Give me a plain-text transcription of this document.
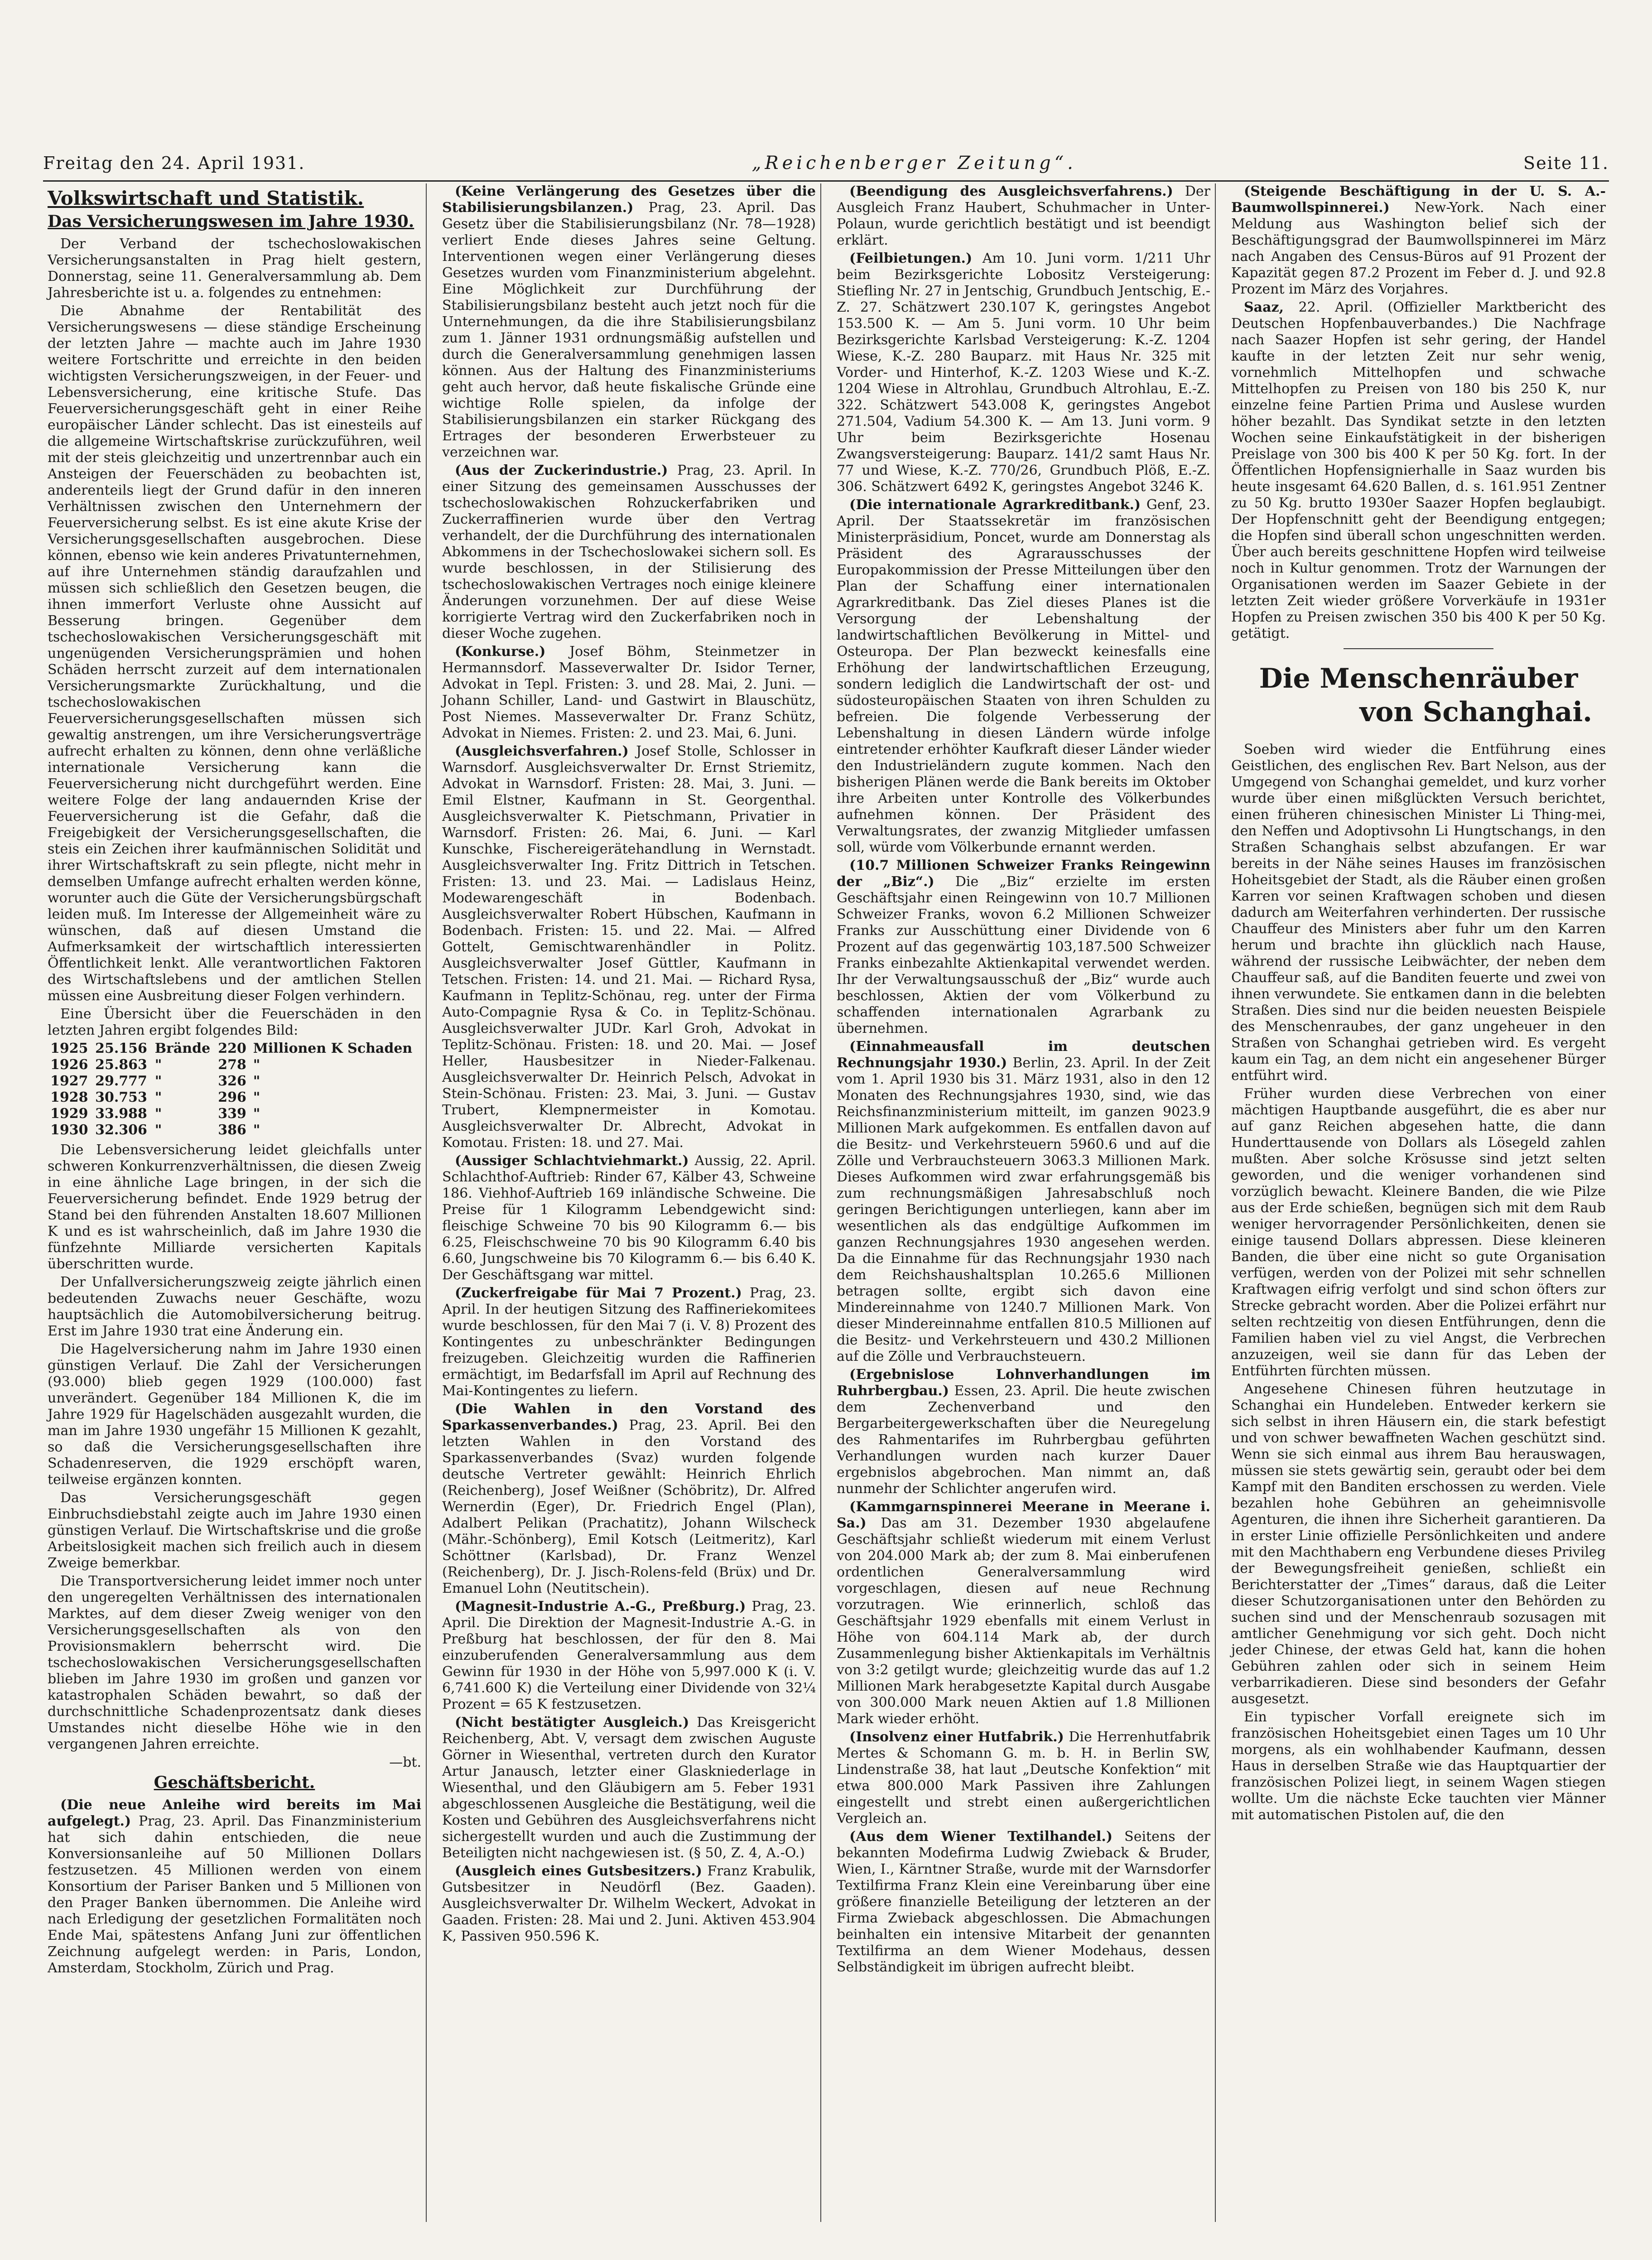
Freitag den 24. April 1931.	„Reichenberger Zeitung“.	Seite 11.
Volkswirtschaft und Statistik.
Das Versicherungswesen im Jahre 1930.

Der Verband der tschechoslowakischen Versicherungsanstalten in Prag hielt gestern, Donnerstag, seine 11. Generalversammlung ab. Dem Jahresberichte ist u. a. folgendes zu entnehmen:

Die Abnahme der Rentabilität des Versicherungswesens — diese ständige Erscheinung der letzten Jahre — machte auch im Jahre 1930 weitere Fortschritte und erreichte in den beiden wichtigsten Versicherungszweigen, in der Feuer- und Lebensversicherung, eine kritische Stufe. Das Feuerversicherungsgeschäft geht in einer Reihe europäischer Länder schlecht. Das ist einesteils auf die allgemeine Wirtschaftskrise zurückzuführen, weil mit der steis gleichzeitig und unzertrennbar auch ein Ansteigen der Feuerschäden zu beobachten ist, anderenteils liegt der Grund dafür in den inneren Verhältnissen zwischen den Unternehmern der Feuerversicherung selbst. Es ist eine akute Krise der Versicherungsgesellschaften ausgebrochen. Diese können, ebenso wie kein anderes Privatunternehmen, auf ihre Unternehmen ständig daraufzahlen und müssen sich schließlich den Gesetzen beugen, die ihnen immerfort Verluste ohne Aussicht auf Besserung bringen. Gegenüber dem tschechoslowakischen Versicherungsgeschäft mit ungenügenden Versicherungsprämien und hohen Schäden herrscht zurzeit auf dem internationalen Versicherungsmarkte Zurückhaltung, und die tschechoslowakischen Feuerversicherungsgesellschaften müssen sich gewaltig anstrengen, um ihre Versicherungsverträge aufrecht erhalten zu können, denn ohne verläßliche internationale Versicherung kann die Feuerversicherung nicht durchgeführt werden. Eine weitere Folge der lang andauernden Krise der Feuerversicherung ist die Gefahr, daß die Freigebigkeit der Versicherungsgesellschaften, die steis ein Zeichen ihrer kaufmännischen Solidität und ihrer Wirtschaftskraft zu sein pflegte, nicht mehr in demselben Umfange aufrecht erhalten werden könne, worunter auch die Güte der Versicherungsbürgschaft leiden muß. Im Interesse der Allgemeinheit wäre zu wünschen, daß auf diesen Umstand die Aufmerksamkeit der wirtschaftlich interessierten Öffentlichkeit lenkt. Alle verantwortlichen Faktoren des Wirtschaftslebens und der amtlichen Stellen müssen eine Ausbreitung dieser Folgen verhindern.

Eine Übersicht über die Feuerschäden in den letzten Jahren ergibt folgendes Bild:

1925	25.156	Brände	220	Millionen K Schaden
1926	25.863	"	278	"
1927	29.777	"	326	"
1928	30.753	"	296	"
1929	33.988	"	339	"
1930	32.306	"	386	"

Die Lebensversicherung leidet gleichfalls unter schweren Konkurrenzverhältnissen, die diesen Zweig in eine ähnliche Lage bringen, in der sich die Feuerversicherung befindet. Ende 1929 betrug der Stand bei den führenden Anstalten 18.607 Millionen K und es ist wahrscheinlich, daß im Jahre 1930 die fünfzehnte Milliarde versicherten Kapitals überschritten wurde.

Der Unfallversicherungszweig zeigte jährlich einen bedeutenden Zuwachs neuer Geschäfte, wozu hauptsächlich die Automobilversicherung beitrug. Erst im Jahre 1930 trat eine Änderung ein.

Die Hagelversicherung nahm im Jahre 1930 einen günstigen Verlauf. Die Zahl der Versicherungen (93.000) blieb gegen 1929 (100.000) fast unverändert. Gegenüber 184 Millionen K, die im Jahre 1929 für Hagelschäden ausgezahlt wurden, die man im Jahre 1930 ungefähr 15 Millionen K gezahlt, so daß die Versicherungsgesellschaften ihre Schadenreserven, die 1929 erschöpft waren, teilweise ergänzen konnten.

Das Versicherungsgeschäft gegen Einbruchsdiebstahl zeigte auch im Jahre 1930 einen günstigen Verlauf. Die Wirtschaftskrise und die große Arbeitslosigkeit machen sich freilich auch in diesem Zweige bemerkbar.

Die Transportversicherung leidet immer noch unter den ungeregelten Verhältnissen des internationalen Marktes, auf dem dieser Zweig weniger von den Versicherungsgesellschaften als von den Provisionsmaklern beherrscht wird. Die tschechoslowakischen Versicherungsgesellschaften blieben im Jahre 1930 im großen und ganzen vor katastrophalen Schäden bewahrt, so daß der durchschnittliche Schadenprozentsatz dank dieses Umstandes nicht dieselbe Höhe wie in den vergangenen Jahren erreichte.

—bt.
Geschäftsbericht.

(Die neue Anleihe wird bereits im Mai aufgelegt.) Prag, 23. April. Das Finanzministerium hat sich dahin entschieden, die neue Konversionsanleihe auf 50 Millionen Dollars festzusetzen. 45 Millionen werden von einem Konsortium der Pariser Banken und 5 Millionen von den Prager Banken übernommen. Die Anleihe wird nach Erledigung der gesetzlichen Formalitäten noch Ende Mai, spätestens Anfang Juni zur öffentlichen Zeichnung aufgelegt werden: in Paris, London, Amsterdam, Stockholm, Zürich und Prag.

(Keine Verlängerung des Gesetzes über die Stabilisierungsbilanzen.) Prag, 23. April. Das Gesetz über die Stabilisierungsbilanz (Nr. 78—1928) verliert Ende dieses Jahres seine Geltung. Interventionen wegen einer Verlängerung dieses Gesetzes wurden vom Finanzministerium abgelehnt. Eine Möglichkeit zur Durchführung der Stabilisierungsbilanz besteht auch jetzt noch für die Unternehmungen, da die ihre Stabilisierungsbilanz zum 1. Jänner 1931 ordnungsmäßig aufstellen und durch die Generalversammlung genehmigen lassen können. Aus der Haltung des Finanzministeriums geht auch hervor, daß heute fiskalische Gründe eine wichtige Rolle spielen, da infolge der Stabilisierungsbilanzen ein starker Rückgang des Ertrages der besonderen Erwerbsteuer zu verzeichnen war.

(Aus der Zuckerindustrie.) Prag, 23. April. In einer Sitzung des gemeinsamen Ausschusses der tschechoslowakischen Rohzuckerfabriken und Zuckerraffinerien wurde über den Vertrag verhandelt, der die Durchführung des internationalen Abkommens in der Tschechoslowakei sichern soll. Es wurde beschlossen, in der Stilisierung des tschechoslowakischen Vertrages noch einige kleinere Änderungen vorzunehmen. Der auf diese Weise korrigierte Vertrag wird den Zuckerfabriken noch in dieser Woche zugehen.

(Konkurse.) Josef Böhm, Steinmetzer in Hermannsdorf. Masseverwalter Dr. Isidor Terner, Advokat in Tepl. Fristen: 3. und 28. Mai, 2. Juni. — Johann Schiller, Land- und Gastwirt in Blauschütz, Post Niemes. Masseverwalter Dr. Franz Schütz, Advokat in Niemes. Fristen: 2. und 23. Mai, 6. Juni.

(Ausgleichsverfahren.) Josef Stolle, Schlosser in Warnsdorf. Ausgleichsverwalter Dr. Ernst Striemitz, Advokat in Warnsdorf. Fristen: 28. Mai, 3. Juni. — Emil Elstner, Kaufmann in St. Georgenthal. Ausgleichsverwalter K. Pietschmann, Privatier in Warnsdorf. Fristen: 26. Mai, 6. Juni. — Karl Kunschke, Fischereigerätehandlung in Wernstadt. Ausgleichsverwalter Ing. Fritz Dittrich in Tetschen. Fristen: 13. und 23. Mai. — Ladislaus Heinz, Modewarengeschäft in Bodenbach. Ausgleichsverwalter Robert Hübschen, Kaufmann in Bodenbach. Fristen: 15. und 22. Mai. — Alfred Gottelt, Gemischtwarenhändler in Politz. Ausgleichsverwalter Josef Güttler, Kaufmann in Tetschen. Fristen: 14. und 21. Mai. — Richard Rysa, Kaufmann in Teplitz-Schönau, reg. unter der Firma Auto-Compagnie Rysa & Co. in Teplitz-Schönau. Ausgleichsverwalter JUDr. Karl Groh, Advokat in Teplitz-Schönau. Fristen: 18. und 20. Mai. — Josef Heller, Hausbesitzer in Nieder-Falkenau. Ausgleichsverwalter Dr. Heinrich Pelsch, Advokat in Stein-Schönau. Fristen: 23. Mai, 3. Juni. — Gustav Trubert, Klempnermeister in Komotau. Ausgleichsverwalter Dr. Albrecht, Advokat in Komotau. Fristen: 18. und 27. Mai.

(Aussiger Schlachtviehmarkt.) Aussig, 22. April. Schlachthof-Auftrieb: Rinder 67, Kälber 43, Schweine 186. Viehhof-Auftrieb 169 inländische Schweine. Die Preise für 1 Kilogramm Lebendgewicht sind: fleischige Schweine 70 bis 90 Kilogramm 6.— bis 6.25, Fleischschweine 70 bis 90 Kilogramm 6.40 bis 6.60, Jungschweine bis 70 Kilogramm 6.— bis 6.40 K. Der Geschäftsgang war mittel.

(Zuckerfreigabe für Mai 7 Prozent.) Prag, 23. April. In der heutigen Sitzung des Raffineriekomitees wurde beschlossen, für den Mai 7 (i. V. 8) Prozent des Kontingentes zu unbeschränkter Bedingungen freizugeben. Gleichzeitig wurden die Raffinerien ermächtigt, im Bedarfsfall im April auf Rechnung des Mai-Kontingentes zu liefern.

(Die Wahlen in den Vorstand des Sparkassenverbandes.) Prag, 23. April. Bei den letzten Wahlen in den Vorstand des Sparkassenverbandes (Svaz) wurden folgende deutsche Vertreter gewählt: Heinrich Ehrlich (Reichenberg), Josef Weißner (Schöbritz), Dr. Alfred Wernerdin (Eger), Dr. Friedrich Engel (Plan), Adalbert Pelikan (Prachatitz), Johann Wilscheck (Mähr.-Schönberg), Emil Kotsch (Leitmeritz), Karl Schöttner (Karlsbad), Dr. Franz Wenzel (Reichenberg), Dr. J. Jisch-Rolens-feld (Brüx) und Dr. Emanuel Lohn (Neutitschein).

(Magnesit-Industrie A.-G., Preßburg.) Prag, 23. April. Die Direktion der Magnesit-Industrie A.-G. in Preßburg hat beschlossen, der für den 8. Mai einzuberufenden Generalversammlung aus dem Gewinn für 1930 in der Höhe von 5,997.000 K (i. V. 6,741.600 K) die Verteilung einer Dividende von 32¼ Prozent = 65 K festzusetzen.

(Nicht bestätigter Ausgleich.) Das Kreisgericht Reichenberg, Abt. V, versagt dem zwischen Auguste Görner in Wiesenthal, vertreten durch den Kurator Artur Janausch, letzter einer Glaskniederlage in Wiesenthal, und den Gläubigern am 5. Feber 1931 abgeschlossenen Ausgleiche die Bestätigung, weil die Kosten und Gebühren des Ausgleichsverfahrens nicht sichergestellt wurden und auch die Zustimmung der Beteiligten nicht nachgewiesen ist. (§ 50, Z. 4, A.-O.)

(Ausgleich eines Gutsbesitzers.) Franz Krabulik, Gutsbesitzer in Neudörfl (Bez. Gaaden). Ausgleichsverwalter Dr. Wilhelm Weckert, Advokat in Gaaden. Fristen: 28. Mai und 2. Juni. Aktiven 453.904 K, Passiven 950.596 K.

(Beendigung des Ausgleichsverfahrens.) Der Ausgleich Franz Haubert, Schuhmacher in Unter-Polaun, wurde gerichtlich bestätigt und ist beendigt erklärt.

(Feilbietungen.) Am 10. Juni vorm. 1/211 Uhr beim Bezirksgerichte Lobositz Versteigerung: Stiefling Nr. 27 in Jentschig, Grundbuch Jentschig, E.-Z. 27. Schätzwert 230.107 K, geringstes Angebot 153.500 K. — Am 5. Juni vorm. 10 Uhr beim Bezirksgerichte Karlsbad Versteigerung: K.-Z. 1204 Wiese, K.-Z. 280 Bauparz. mit Haus Nr. 325 mit Vorder- und Hinterhof, K.-Z. 1203 Wiese und K.-Z. 1204 Wiese in Altrohlau, Grundbuch Altrohlau, E.-Z. 322. Schätzwert 543.008 K, geringstes Angebot 271.504, Vadium 54.300 K. — Am 13. Juni vorm. 9 Uhr beim Bezirksgerichte Hosenau Zwangsversteigerung: Bauparz. 141/2 samt Haus Nr. 77 und Wiese, K.-Z. 770/26, Grundbuch Plöß, E.-Z. 306. Schätzwert 6492 K, geringstes Angebot 3246 K.

(Die internationale Agrarkreditbank.) Genf, 23. April. Der Staatssekretär im französischen Ministerpräsidium, Poncet, wurde am Donnerstag als Präsident des Agrarausschusses der Europakommission der Presse Mitteilungen über den Plan der Schaffung einer internationalen Agrarkreditbank. Das Ziel dieses Planes ist die Versorgung der Lebenshaltung der landwirtschaftlichen Bevölkerung in Mittel- und Osteuropa. Der Plan bezweckt keinesfalls eine Erhöhung der landwirtschaftlichen Erzeugung, sondern lediglich die Landwirtschaft der ost- und südosteuropäischen Staaten von ihren Schulden zu befreien. Die folgende Verbesserung der Lebenshaltung in diesen Ländern würde infolge eintretender erhöhter Kaufkraft dieser Länder wieder den Industrieländern zugute kommen. Nach den bisherigen Plänen werde die Bank bereits im Oktober ihre Arbeiten unter Kontrolle des Völkerbundes aufnehmen können. Der Präsident des Verwaltungsrates, der zwanzig Mitglieder umfassen soll, würde vom Völkerbunde ernannt werden.

(10.7 Millionen Schweizer Franks Reingewinn der „Biz“.) Die „Biz“ erzielte im ersten Geschäftsjahr einen Reingewinn von 10.7 Millionen Schweizer Franks, wovon 6.2 Millionen Schweizer Franks zur Ausschüttung einer Dividende von 6 Prozent auf das gegenwärtig 103,187.500 Schweizer Franks einbezahlte Aktienkapital verwendet werden. Ihr der Verwaltungsausschuß der „Biz“ wurde auch beschlossen, Aktien der vom Völkerbund zu schaffenden internationalen Agrarbank zu übernehmen.

(Einnahmeausfall im deutschen Rechnungsjahr 1930.) Berlin, 23. April. In der Zeit vom 1. April 1930 bis 31. März 1931, also in den 12 Monaten des Rechnungsjahres 1930, sind, wie das Reichsfinanzministerium mitteilt, im ganzen 9023.9 Millionen Mark aufgekommen. Es entfallen davon auf die Besitz- und Verkehrsteuern 5960.6 und auf die Zölle und Verbrauchsteuern 3063.3 Millionen Mark. Dieses Aufkommen wird zwar erfahrungsgemäß bis zum rechnungsmäßigen Jahresabschluß noch geringen Berichtigungen unterliegen, kann aber im wesentlichen als das endgültige Aufkommen im ganzen Rechnungsjahres 1930 angesehen werden. Da die Einnahme für das Rechnungsjahr 1930 nach dem Reichshaushaltsplan 10.265.6 Millionen betragen sollte, ergibt sich davon eine Mindereinnahme von 1240.7 Millionen Mark. Von dieser Mindereinnahme entfallen 810.5 Millionen auf die Besitz- und Verkehrsteuern und 430.2 Millionen auf die Zölle und Verbrauchsteuern.

(Ergebnislose Lohnverhandlungen im Ruhrbergbau.) Essen, 23. April. Die heute zwischen dem Zechenverband und den Bergarbeitergewerkschaften über die Neuregelung des Rahmentarifes im Ruhrbergbau geführten Verhandlungen wurden nach kurzer Dauer ergebnislos abgebrochen. Man nimmt an, daß nunmehr der Schlichter angerufen wird.

(Kammgarnspinnerei Meerane in Meerane i. Sa.) Das am 31. Dezember 1930 abgelaufene Geschäftsjahr schließt wiederum mit einem Verlust von 204.000 Mark ab; der zum 8. Mai einberufenen ordentlichen Generalversammlung wird vorgeschlagen, diesen auf neue Rechnung vorzutragen. Wie erinnerlich, schloß das Geschäftsjahr 1929 ebenfalls mit einem Verlust in Höhe von 604.114 Mark ab, der durch Zusammenlegung bisher Aktienkapitals im Verhältnis von 3:2 getilgt wurde; gleichzeitig wurde das auf 1.2 Millionen Mark herabgesetzte Kapital durch Ausgabe von 300.000 Mark neuen Aktien auf 1.8 Millionen Mark wieder erhöht.

(Insolvenz einer Hutfabrik.) Die Herrenhutfabrik Mertes & Schomann G. m. b. H. in Berlin SW, Lindenstraße 38, hat laut „Deutsche Konfektion“ mit etwa 800.000 Mark Passiven ihre Zahlungen eingestellt und strebt einen außergerichtlichen Vergleich an.

(Aus dem Wiener Textilhandel.) Seitens der bekannten Modefirma Ludwig Zwieback & Bruder, Wien, I., Kärntner Straße, wurde mit der Warnsdorfer Textilfirma Franz Klein eine Vereinbarung über eine größere finanzielle Beteiligung der letzteren an der Firma Zwieback abgeschlossen. Die Abmachungen beinhalten ein intensive Mitarbeit der genannten Textilfirma an dem Wiener Modehaus, dessen Selbständigkeit im übrigen aufrecht bleibt.

(Steigende Beschäftigung in der U. S. A.-Baumwollspinnerei.) New-York. Nach einer Meldung aus Washington belief sich der Beschäftigungsgrad der Baumwollspinnerei im März nach Angaben des Census-Büros auf 91 Prozent der Kapazität gegen 87.2 Prozent im Feber d. J. und 92.8 Prozent im März des Vorjahres.

Saaz, 22. April. (Offizieller Marktbericht des Deutschen Hopfenbauverbandes.) Die Nachfrage nach Saazer Hopfen ist sehr gering, der Handel kaufte in der letzten Zeit nur sehr wenig, vornehmlich Mittelhopfen und schwache Mittelhopfen zu Preisen von 180 bis 250 K, nur einzelne feine Partien Prima und Auslese wurden höher bezahlt. Das Syndikat setzte in den letzten Wochen seine Einkaufstätigkeit in der bisherigen Preislage von 300 bis 400 K per 50 Kg. fort. In der Öffentlichen Hopfensignierhalle in Saaz wurden bis heute insgesamt 64.620 Ballen, d. s. 161.951 Zentner zu 50 Kg. brutto 1930er Saazer Hopfen beglaubigt. Der Hopfenschnitt geht der Beendigung entgegen; die Hopfen sind überall schon ungeschnitten werden. Über auch bereits geschnittene Hopfen wird teilweise noch in Kultur genommen. Trotz der Warnungen der Organisationen werden im Saazer Gebiete in der letzten Zeit wieder größere Vorverkäufe in 1931er Hopfen zu Preisen zwischen 350 bis 400 K per 50 Kg. getätigt.

Die Menschenräuber
von Schanghai.

Soeben wird wieder die Entführung eines Geistlichen, des englischen Rev. Bart Nelson, aus der Umgegend von Schanghai gemeldet, und kurz vorher wurde über einen mißglückten Versuch berichtet, einen früheren chinesischen Minister Li Thing-mei, den Neffen und Adoptivsohn Li Hungtschangs, in den Straßen Schanghais selbst abzufangen. Er war bereits in der Nähe seines Hauses im französischen Hoheitsgebiet der Stadt, als die Räuber einen großen Karren vor seinen Kraftwagen schoben und diesen dadurch am Weiterfahren verhinderten. Der russische Chauffeur des Ministers aber fuhr um den Karren herum und brachte ihn glücklich nach Hause, während der russische Leibwächter, der neben dem Chauffeur saß, auf die Banditen feuerte und zwei von ihnen verwundete. Sie entkamen dann in die belebten Straßen. Dies sind nur die beiden neuesten Beispiele des Menschenraubes, der ganz ungeheuer in den Straßen von Schanghai getrieben wird. Es vergeht kaum ein Tag, an dem nicht ein angesehener Bürger entführt wird.

Früher wurden diese Verbrechen von einer mächtigen Hauptbande ausgeführt, die es aber nur auf ganz Reichen abgesehen hatte, die dann Hunderttausende von Dollars als Lösegeld zahlen mußten. Aber solche Krösusse sind jetzt selten geworden, und die weniger vorhandenen sind vorzüglich bewacht. Kleinere Banden, die wie Pilze aus der Erde schießen, begnügen sich mit dem Raub weniger hervorragender Persönlichkeiten, denen sie einige tausend Dollars abpressen. Diese kleineren Banden, die über eine nicht so gute Organisation verfügen, werden von der Polizei mit sehr schnellen Kraftwagen eifrig verfolgt und sind schon öfters zur Strecke gebracht worden. Aber die Polizei erfährt nur selten rechtzeitig von diesen Entführungen, denn die Familien haben viel zu viel Angst, die Verbrechen anzuzeigen, weil sie dann für das Leben der Entführten fürchten müssen.

Angesehene Chinesen führen heutzutage in Schanghai ein Hundeleben. Entweder kerkern sie sich selbst in ihren Häusern ein, die stark befestigt und von schwer bewaffneten Wachen geschützt sind. Wenn sie sich einmal aus ihrem Bau herauswagen, müssen sie stets gewärtig sein, geraubt oder bei dem Kampf mit den Banditen erschossen zu werden. Viele bezahlen hohe Gebühren an geheimnisvolle Agenturen, die ihnen ihre Sicherheit garantieren. Da in erster Linie offizielle Persönlichkeiten und andere mit den Machthabern eng Verbundene dieses Privileg der Bewegungsfreiheit genießen, schließt ein Berichterstatter der „Times“ daraus, daß die Leiter dieser Schutzorganisationen unter den Behörden zu suchen sind und der Menschenraub sozusagen mit amtlicher Genehmigung vor sich geht. Doch nicht jeder Chinese, der etwas Geld hat, kann die hohen Gebühren zahlen oder sich in seinem Heim verbarrikadieren. Diese sind besonders der Gefahr ausgesetzt.

Ein typischer Vorfall ereignete sich im französischen Hoheitsgebiet einen Tages um 10 Uhr morgens, als ein wohlhabender Kaufmann, dessen Haus in derselben Straße wie das Hauptquartier der französischen Polizei liegt, in seinem Wagen stiegen wollte. Um die nächste Ecke tauchten vier Männer mit automatischen Pistolen auf, die den
